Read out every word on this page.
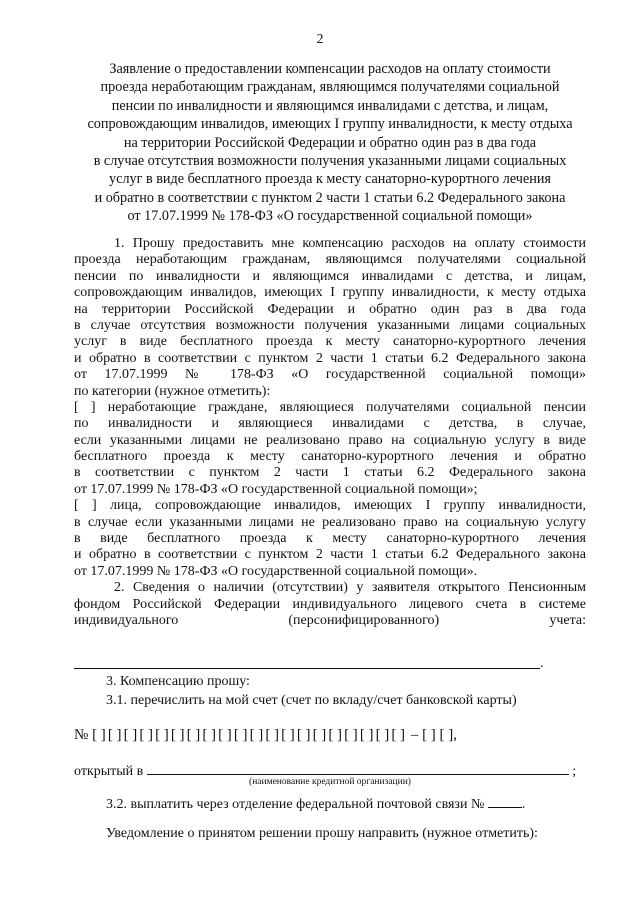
2
Заявление о предоставлении компенсации расходов на оплату стоимости
проезда неработающим гражданам, являющимся получателями социальной
пенсии по инвалидности и являющимся инвалидами с детства, и лицам,
сопровождающим инвалидов, имеющих I группу инвалидности, к месту отдыха
на территории Российской Федерации и обратно один раз в два года
в случае отсутствия возможности получения указанными лицами социальных
услуг в виде бесплатного проезда к месту санаторно-курортного лечения
и обратно в соответствии с пунктом 2 части 1 статьи 6.2 Федерального закона
от 17.07.1999 № 178-ФЗ «О государственной социальной помощи»
1. Прошу предоставить мне компенсацию расходов на оплату стоимости
проезда неработающим гражданам, являющимся получателями социальной
пенсии по инвалидности и являющимся инвалидами с детства, и лицам,
сопровождающим инвалидов, имеющих I группу инвалидности, к месту отдыха
на территории Российской Федерации и обратно один раз в два года
в случае отсутствия возможности получения указанными лицами социальных
услуг в виде бесплатного проезда к месту санаторно-курортного лечения
и обратно в соответствии с пунктом 2 части 1 статьи 6.2 Федерального закона
от 17.07.1999 № 178-ФЗ «О государственной социальной помощи»
по категории (нужное отметить):
[ ] неработающие граждане, являющиеся получателями социальной пенсии
по инвалидности и являющиеся инвалидами с детства, в случае,
если указанными лицами не реализовано право на социальную услугу в виде
бесплатного проезда к месту санаторно-курортного лечения и обратно
в соответствии с пунктом 2 части 1 статьи 6.2 Федерального закона
от 17.07.1999 № 178-ФЗ «О государственной социальной помощи»;
[ ] лица, сопровождающие инвалидов, имеющих I группу инвалидности,
в случае если указанными лицами не реализовано право на социальную услугу
в виде бесплатного проезда к месту санаторно-курортного лечения
и обратно в соответствии с пунктом 2 части 1 статьи 6.2 Федерального закона
от 17.07.1999 № 178-ФЗ «О государственной социальной помощи».
2. Сведения о наличии (отсутствии) у заявителя открытого Пенсионным
фондом Российской Федерации индивидуального лицевого счета в системе
индивидуального (персонифицированного) учета:
.
3. Компенсацию прошу:
3.1. перечислить на мой счет (счет по вкладу/счет банковской карты)
№ [ ] [ ] [ ] [ ] [ ] [ ] [ ] [ ] [ ] [ ] [ ] [ ] [ ] [ ] [ ] [ ] [ ] [ ] [ ] [ ] – [ ] [ ],
открытый в	;
(наименование кредитной организации)
3.2. выплатить через отделение федеральной почтовой связи №	.
Уведомление о принятом решении прошу направить (нужное отметить):
